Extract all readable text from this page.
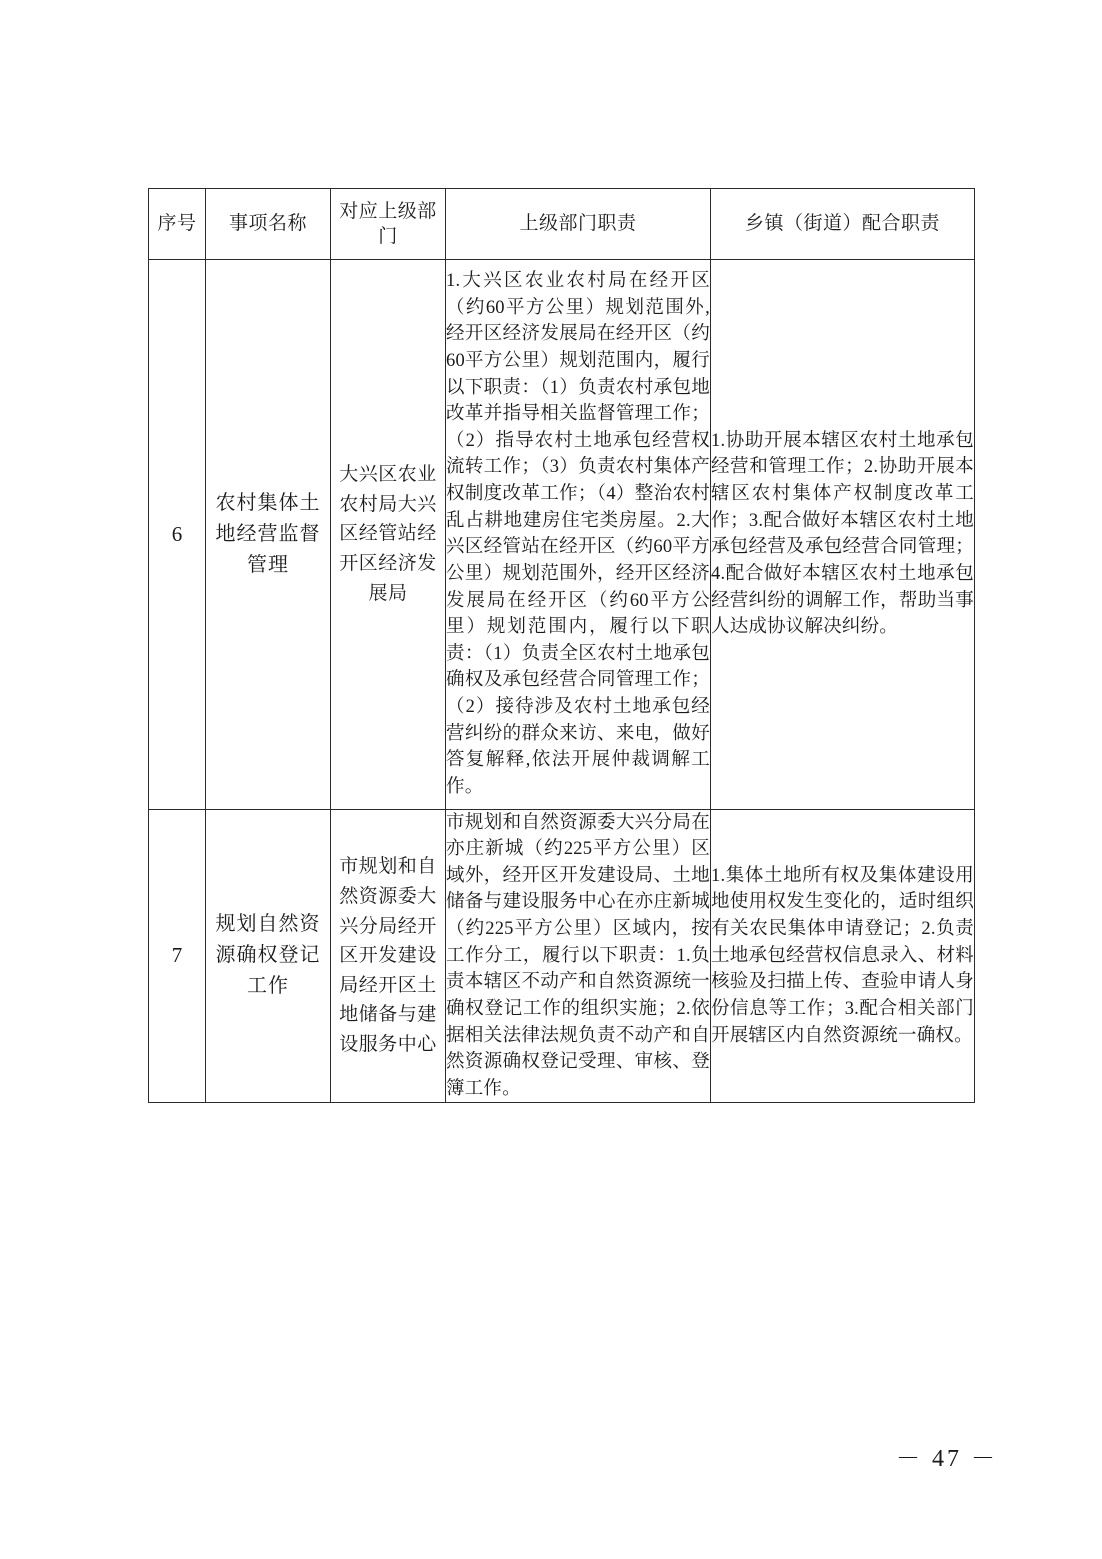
序号	事项名称	对应上级部门	上级部门职责	乡镇（街道）配合职责
6	农村集体土地经营监督管理	大兴区农业农村局大兴区经管站经开区经济发展局	1.大兴区农业农村局在经开区（约60平方公里）规划范围外,经开区经济发展局在经开区（约60平方公里）规划范围内，履行以下职责：（1）负责农村承包地改革并指导相关监督管理工作；（2）指导农村土地承包经营权流转工作；（3）负责农村集体产权制度改革工作；（4）整治农村乱占耕地建房住宅类房屋。2.大兴区经管站在经开区（约60平方公里）规划范围外，经开区经济发展局在经开区（约60平方公里）规划范围内，履行以下职责：（1）负责全区农村土地承包确权及承包经营合同管理工作；（2）接待涉及农村土地承包经营纠纷的群众来访、来电，做好答复解释,依法开展仲裁调解工作。	1.协助开展本辖区农村土地承包经营和管理工作；2.协助开展本辖区农村集体产权制度改革工作；3.配合做好本辖区农村土地承包经营及承包经营合同管理；4.配合做好本辖区农村土地承包经营纠纷的调解工作，帮助当事人达成协议解决纠纷。

7	规划自然资源确权登记工作	市规划和自然资源委大兴分局经开区开发建设局经开区土地储备与建设服务中心	市规划和自然资源委大兴分局在亦庄新城（约225平方公里）区域外，经开区开发建设局、土地储备与建设服务中心在亦庄新城（约225平方公里）区域内，按工作分工，履行以下职责：1.负责本辖区不动产和自然资源统一确权登记工作的组织实施；2.依据相关法律法规负责不动产和自然资源确权登记受理、审核、登簿工作。	1.集体土地所有权及集体建设用地使用权发生变化的，适时组织有关农民集体申请登记；2.负责土地承包经营权信息录入、材料核验及扫描上传、查验申请人身份信息等工作；3.配合相关部门开展辖区内自然资源统一确权。

－ 47 －
